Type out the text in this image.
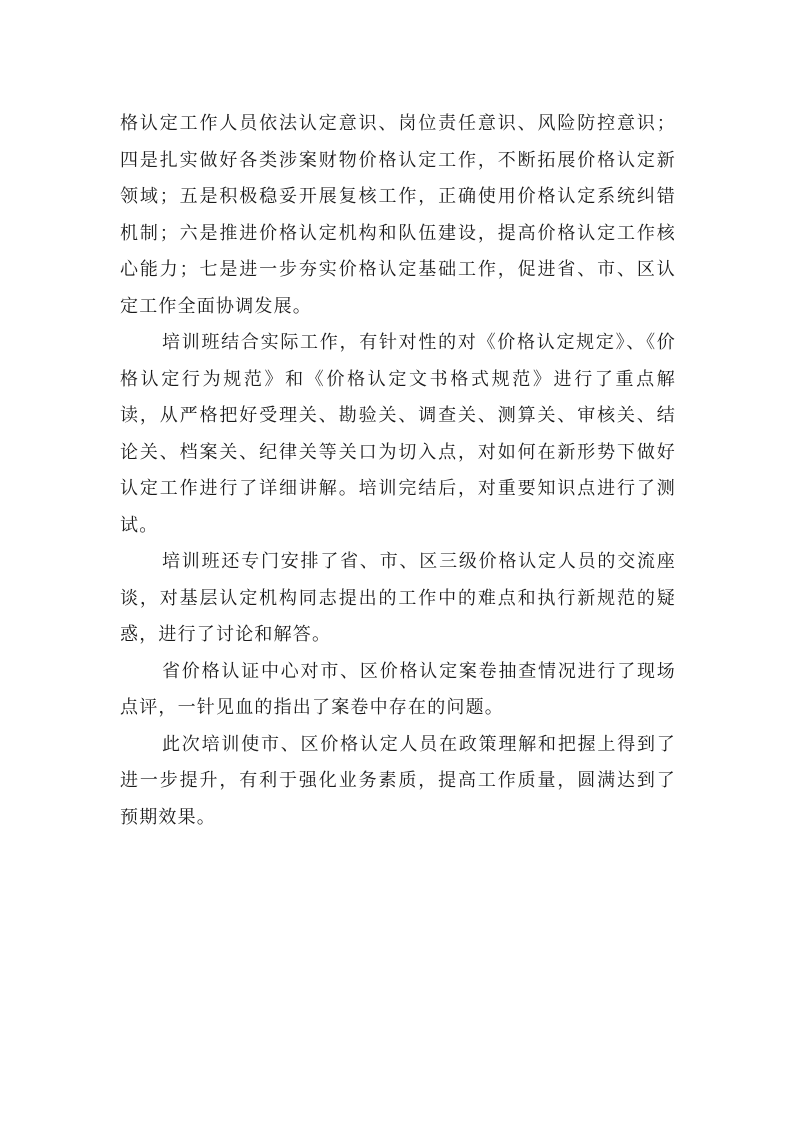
格认定工作人员依法认定意识、岗位责任意识、风险防控意识；四是扎实做好各类涉案财物价格认定工作，不断拓展价格认定新领域；五是积极稳妥开展复核工作，正确使用价格认定系统纠错机制；六是推进价格认定机构和队伍建设，提高价格认定工作核心能力；七是进一步夯实价格认定基础工作，促进省、市、区认定工作全面协调发展。

培训班结合实际工作，有针对性的对《价格认定规定》、《价格认定行为规范》和《价格认定文书格式规范》进行了重点解读，从严格把好受理关、勘验关、调查关、测算关、审核关、结论关、档案关、纪律关等关口为切入点，对如何在新形势下做好认定工作进行了详细讲解。培训完结后，对重要知识点进行了测试。

培训班还专门安排了省、市、区三级价格认定人员的交流座谈，对基层认定机构同志提出的工作中的难点和执行新规范的疑惑，进行了讨论和解答。

省价格认证中心对市、区价格认定案卷抽查情况进行了现场点评，一针见血的指出了案卷中存在的问题。

此次培训使市、区价格认定人员在政策理解和把握上得到了进一步提升，有利于强化业务素质，提高工作质量，圆满达到了预期效果。
